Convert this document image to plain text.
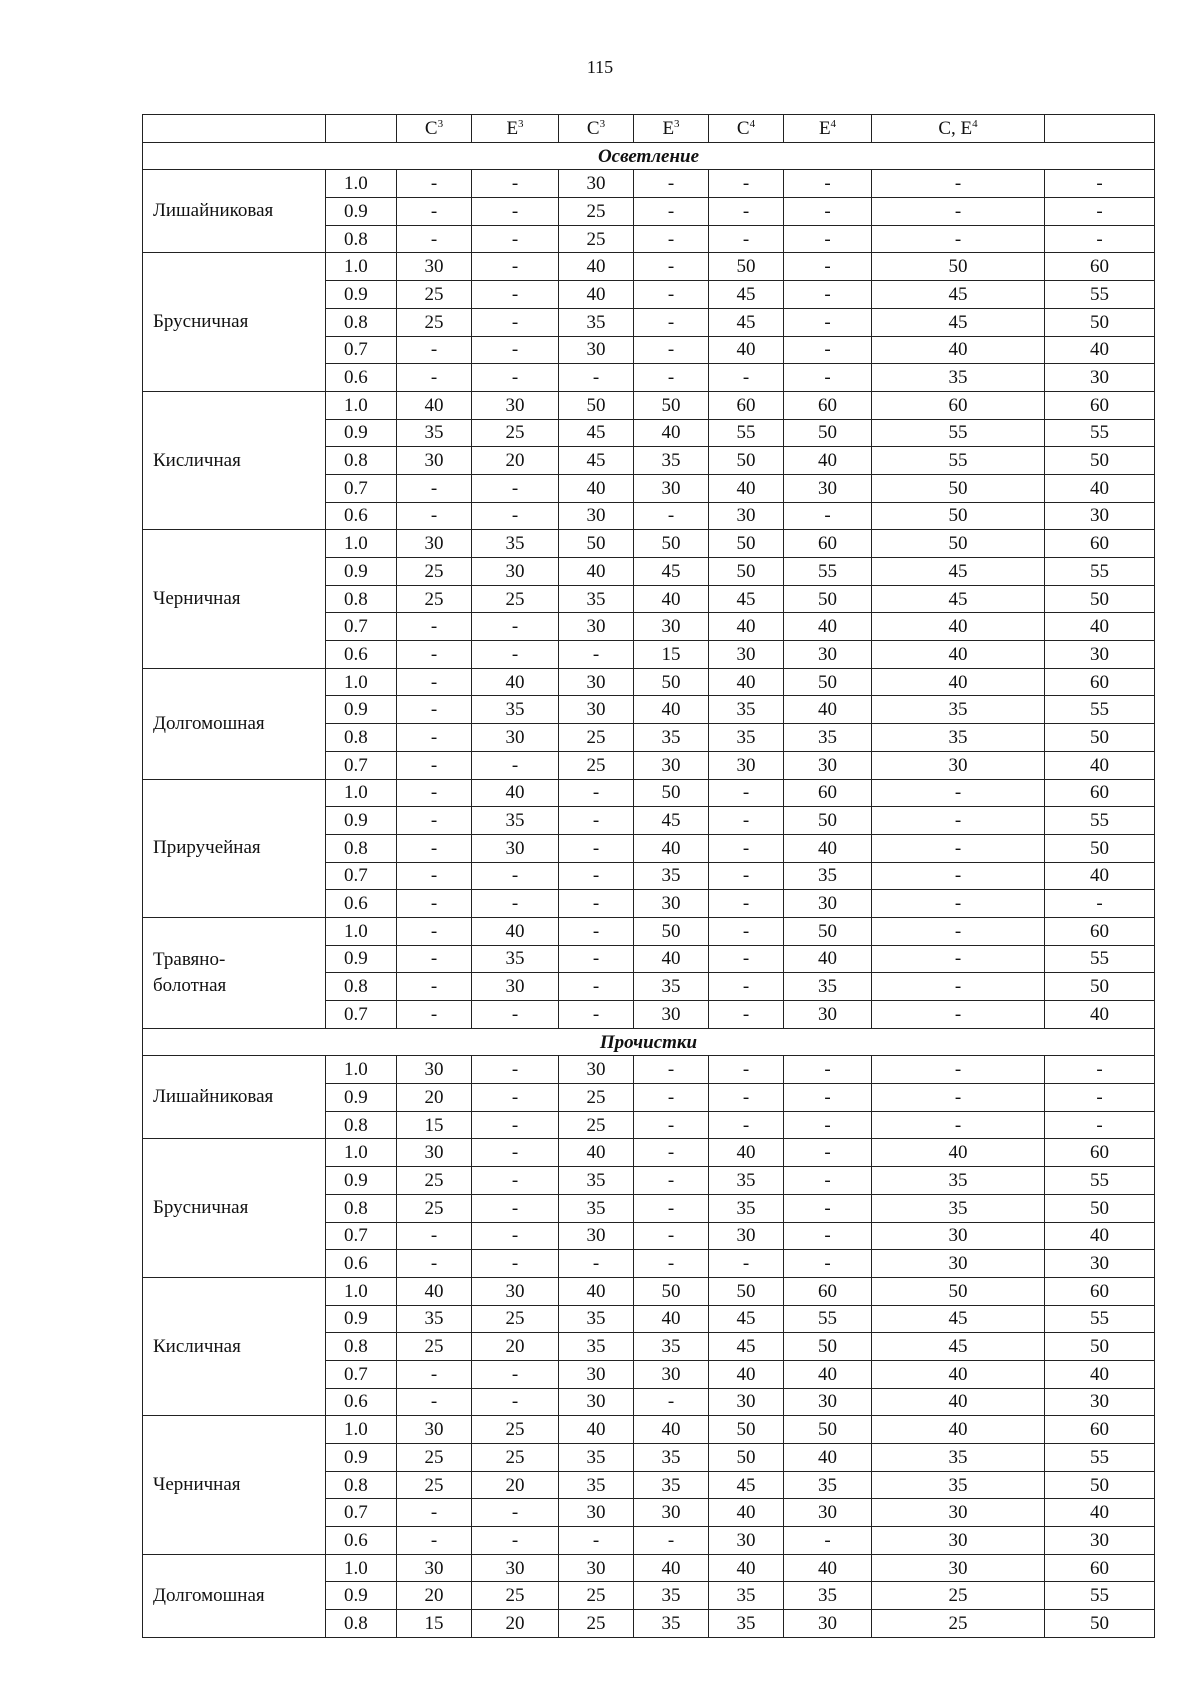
115
		$C^3$	$E^3$	$C^3$	$E^3$	$C^4$	$E^4$	C, $E^4$	
Осветление									
Лишайниковая	1.0	-	-	30	-	-	-	-	-
	0.9	-	-	25	-	-	-	-	-
	0.8	-	-	25	-	-	-	-	-
Брусничная	1.0	30	-	40	-	50	-	50	60
	0.9	25	-	40	-	45	-	45	55
	0.8	25	-	35	-	45	-	45	50
	0.7	-	-	30	-	40	-	40	40
	0.6	-	-	-	-	-	-	35	30
Кисличная	1.0	40	30	50	50	60	60	60	60
	0.9	35	25	45	40	55	50	55	55
	0.8	30	20	45	35	50	40	55	50
	0.7	-	-	40	30	40	30	50	40
	0.6	-	-	30	-	30	-	50	30
Черничная	1.0	30	35	50	50	50	60	50	60
	0.9	25	30	40	45	50	55	45	55
	0.8	25	25	35	40	45	50	45	50
	0.7	-	-	30	30	40	40	40	40
	0.6	-	-	-	15	30	30	40	30
Долгомошная	1.0	-	40	30	50	40	50	40	60
	0.9	-	35	30	40	35	40	35	55
	0.8	-	30	25	35	35	35	35	50
	0.7	-	-	25	30	30	30	30	40
Приручейная	1.0	-	40	-	50	-	60	-	60
	0.9	-	35	-	45	-	50	-	55
	0.8	-	30	-	40	-	40	-	50
	0.7	-	-	-	35	-	35	-	40
	0.6	-	-	-	30	-	30	-	-
Травяно-
болотная	1.0	-	40	-	50	-	50	-	60
	0.9	-	35	-	40	-	40	-	55
	0.8	-	30	-	35	-	35	-	50
	0.7	-	-	-	30	-	30	-	40
Прочистки									
Лишайниковая	1.0	30	-	30	-	-	-	-	-
	0.9	20	-	25	-	-	-	-	-
	0.8	15	-	25	-	-	-	-	-
Брусничная	1.0	30	-	40	-	40	-	40	60
	0.9	25	-	35	-	35	-	35	55
	0.8	25	-	35	-	35	-	35	50
	0.7	-	-	30	-	30	-	30	40
	0.6	-	-	-	-	-	-	30	30
Кисличная	1.0	40	30	40	50	50	60	50	60
	0.9	35	25	35	40	45	55	45	55
	0.8	25	20	35	35	45	50	45	50
	0.7	-	-	30	30	40	40	40	40
	0.6	-	-	30	-	30	30	40	30
Черничная	1.0	30	25	40	40	50	50	40	60
	0.9	25	25	35	35	50	40	35	55
	0.8	25	20	35	35	45	35	35	50
	0.7	-	-	30	30	40	30	30	40
	0.6	-	-	-	-	30	-	30	30
Долгомошная	1.0	30	30	30	40	40	40	30	60
	0.9	20	25	25	35	35	35	25	55
	0.8	15	20	25	35	35	30	25	50
